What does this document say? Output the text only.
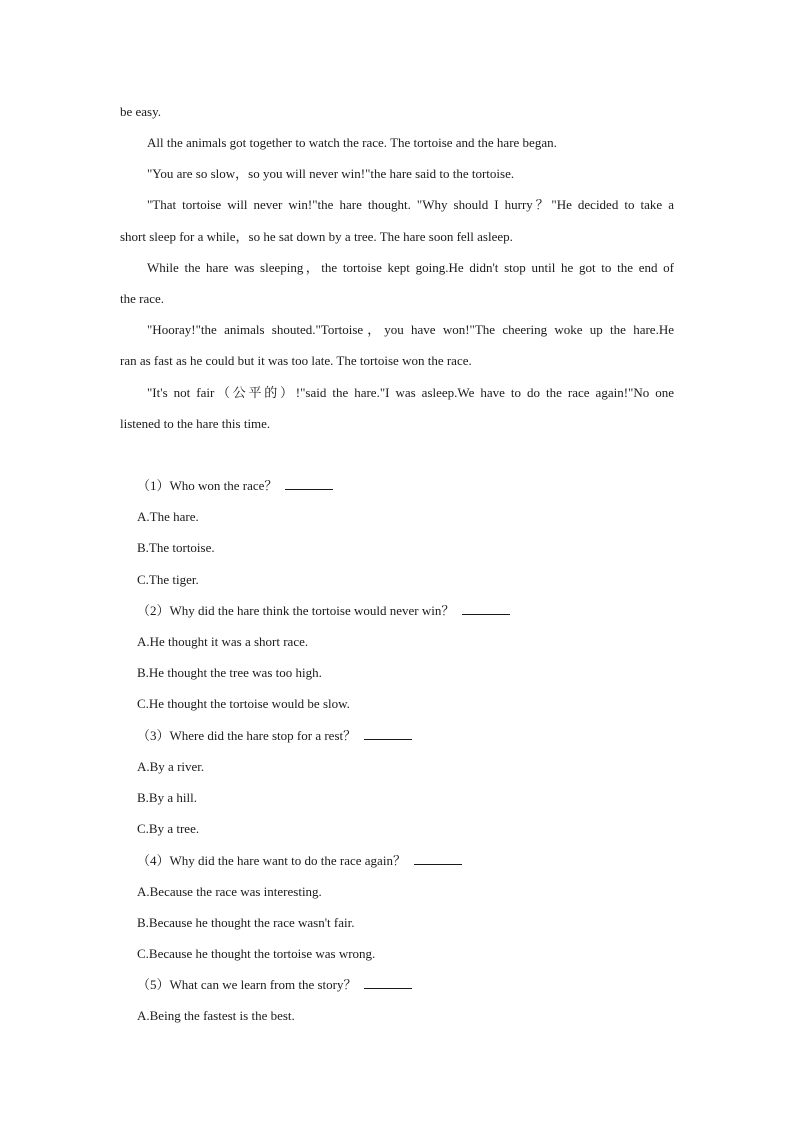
be easy.
All the animals got together to watch the race. The tortoise and the hare began.
"You are so slow，so you will never win!"the hare said to the tortoise.
"That tortoise will never win!"the hare thought. "Why should I hurry？"He decided to take a
short sleep for a while，so he sat down by a tree. The hare soon fell asleep.
While the hare was sleeping，the tortoise kept going.He didn't stop until he got to the end of
the race.
"Hooray!"the animals shouted."Tortoise，you have won!"The cheering woke up the hare.He
ran as fast as he could but it was too late. The tortoise won the race.
"It's not fair（公平的）!"said the hare."I was asleep.We have to do the race again!"No one
listened to the hare this time.
（1）Who won the race？
A.The hare.
B.The tortoise.
C.The tiger.
（2）Why did the hare think the tortoise would never win？
A.He thought it was a short race.
B.He thought the tree was too high.
C.He thought the tortoise would be slow.
（3）Where did the hare stop for a rest？
A.By a river.
B.By a hill.
C.By a tree.
（4）Why did the hare want to do the race again？
A.Because the race was interesting.
B.Because he thought the race wasn't fair.
C.Because he thought the tortoise was wrong.
（5）What can we learn from the story？
A.Being the fastest is the best.
